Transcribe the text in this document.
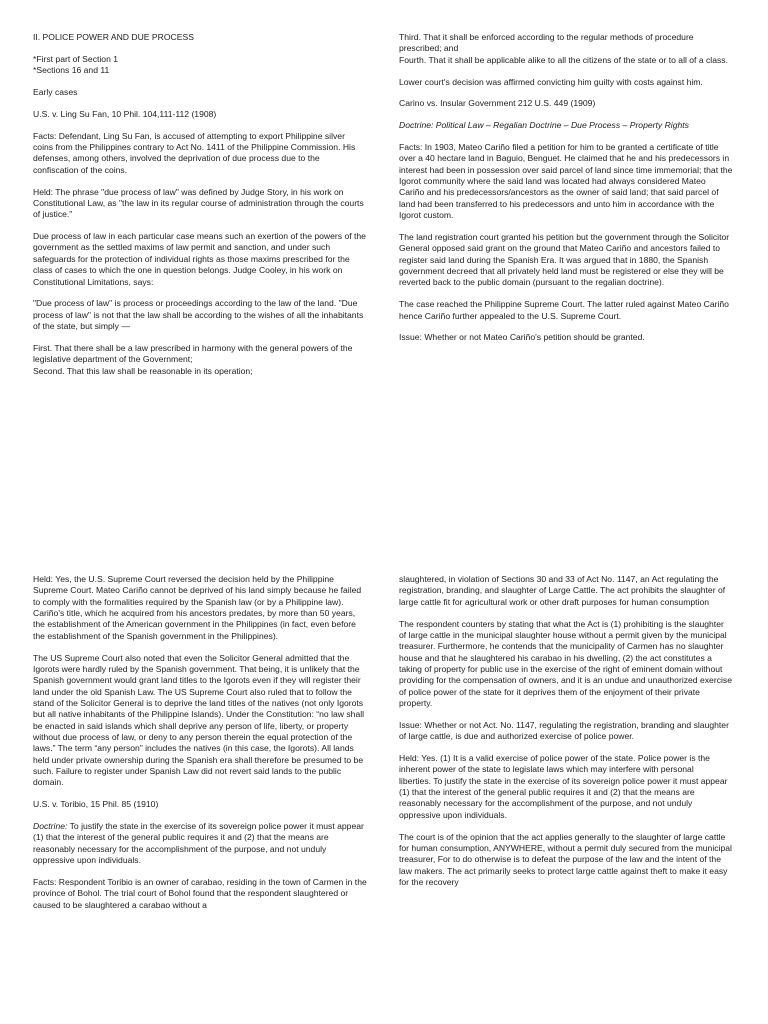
II. POLICE POWER AND DUE PROCESS

*First part of Section 1

*Sections 16 and 11

Early cases

U.S. v. Ling Su Fan, 10 Phil. 104,111-112 (1908)

Facts: Defendant, Ling Su Fan, is accused of attempting to export Philippine silver coins from the Philippines contrary to Act No. 1411 of the Philippine Commission. His defenses, among others, involved the deprivation of due process due to the confiscation of the coins.

Held: The phrase "due process of law" was defined by Judge Story, in his work on Constitutional Law, as "the law in its regular course of administration through the courts of justice."

Due process of law in each particular case means such an exertion of the powers of the government as the settled maxims of law permit and sanction, and under such safeguards for the protection of individual rights as those maxims prescribed for the class of cases to which the one in question belongs. Judge Cooley, in his work on Constitutional Limitations, says:

"Due process of law" is process or proceedings according to the law of the land. "Due process of law" is not that the law shall be according to the wishes of all the inhabitants of the state, but simply —

First. That there shall be a law prescribed in harmony with the general powers of the legislative department of the Government;

Second. That this law shall be reasonable in its operation;

Third. That it shall be enforced according to the regular methods of procedure prescribed; and

Fourth. That it shall be applicable alike to all the citizens of the state or to all of a class.

Lower court's decision was affirmed convicting him guilty with costs against him.

Carino vs. Insular Government 212 U.S. 449 (1909)

Doctrine: Political Law – Regalian Doctrine – Due Process – Property Rights

Facts: In 1903, Mateo Cariño filed a petition for him to be granted a certificate of title over a 40 hectare land in Baguio, Benguet. He claimed that he and his predecessors in interest had been in possession over said parcel of land since time immemorial; that the Igorot community where the said land was located had always considered Mateo Cariño and his predecessors/ancestors as the owner of said land; that said parcel of land had been transferred to his predecessors and unto him in accordance with the Igorot custom.

The land registration court granted his petition but the government through the Solicitor General opposed said grant on the ground that Mateo Cariño and ancestors failed to register said land during the Spanish Era. It was argued that in 1880, the Spanish government decreed that all privately held land must be registered or else they will be reverted back to the public domain (pursuant to the regalian doctrine).

The case reached the Philippine Supreme Court. The latter ruled against Mateo Cariño hence Cariño further appealed to the U.S. Supreme Court.

Issue: Whether or not Mateo Cariño's petition should be granted.

Held: Yes, the U.S. Supreme Court reversed the decision held by the Philippine Supreme Court. Mateo Cariño cannot be deprived of his land simply because he failed to comply with the formalities required by the Spanish law (or by a Philippine law). Cariño's title, which he acquired from his ancestors predates, by more than 50 years, the establishment of the American government in the Philippines (in fact, even before the establishment of the Spanish government in the Philippines).

The US Supreme Court also noted that even the Solicitor General admitted that the Igorots were hardly ruled by the Spanish government. That being, it is unlikely that the Spanish government would grant land titles to the Igorots even if they will register their land under the old Spanish Law. The US Supreme Court also ruled that to follow the stand of the Solicitor General is to deprive the land titles of the natives (not only Igorots but all native inhabitants of the Philippine Islands). Under the Constitution: “no law shall be enacted in said islands which shall deprive any person of life, liberty, or property without due process of law, or deny to any person therein the equal protection of the laws.” The term “any person” includes the natives (in this case, the Igorots). All lands held under private ownership during the Spanish era shall therefore be presumed to be such. Failure to register under Spanish Law did not revert said lands to the public domain.

U.S. v. Toribio, 15 Phil. 85 (1910)

Doctrine: To justify the state in the exercise of its sovereign police power it must appear (1) that the interest of the general public requires it and (2) that the means are reasonably necessary for the accomplishment of the purpose, and not unduly oppressive upon individuals.

Facts: Respondent Toribio is an owner of carabao, residing in the town of Carmen in the province of Bohol. The trial court of Bohol found that the respondent slaughtered or caused to be slaughtered a carabao without a

slaughtered, in violation of Sections 30 and 33 of Act No. 1147, an Act regulating the registration, branding, and slaughter of Large Cattle. The act prohibits the slaughter of large cattle fit for agricultural work or other draft purposes for human consumption

The respondent counters by stating that what the Act is (1) prohibiting is the slaughter of large cattle in the municipal slaughter house without a permit given by the municipal treasurer. Furthermore, he contends that the municipality of Carmen has no slaughter house and that he slaughtered his carabao in his dwelling, (2) the act constitutes a taking of property for public use in the exercise of the right of eminent domain without providing for the compensation of owners, and it is an undue and unauthorized exercise of police power of the state for it deprives them of the enjoyment of their private property.

Issue: Whether or not Act. No. 1147, regulating the registration, branding and slaughter of large cattle, is due and authorized exercise of police power.

Held: Yes. (1) It is a valid exercise of police power of the state. Police power is the inherent power of the state to legislate laws which may interfere with personal

liberties. To justify the state in the exercise of its sovereign police power it must appear (1) that the interest of the general public requires it and (2) that the means are reasonably necessary for the accomplishment of the purpose, and not unduly

oppressive upon individuals.

The court is of the opinion that the act applies generally to the slaughter of large cattle for human consumption, ANYWHERE, without a permit duly secured from the municipal treasurer, For to do otherwise is to defeat the purpose of the law and the intent of the law makers. The act primarily seeks to protect large cattle against theft to make it easy for the recovery
